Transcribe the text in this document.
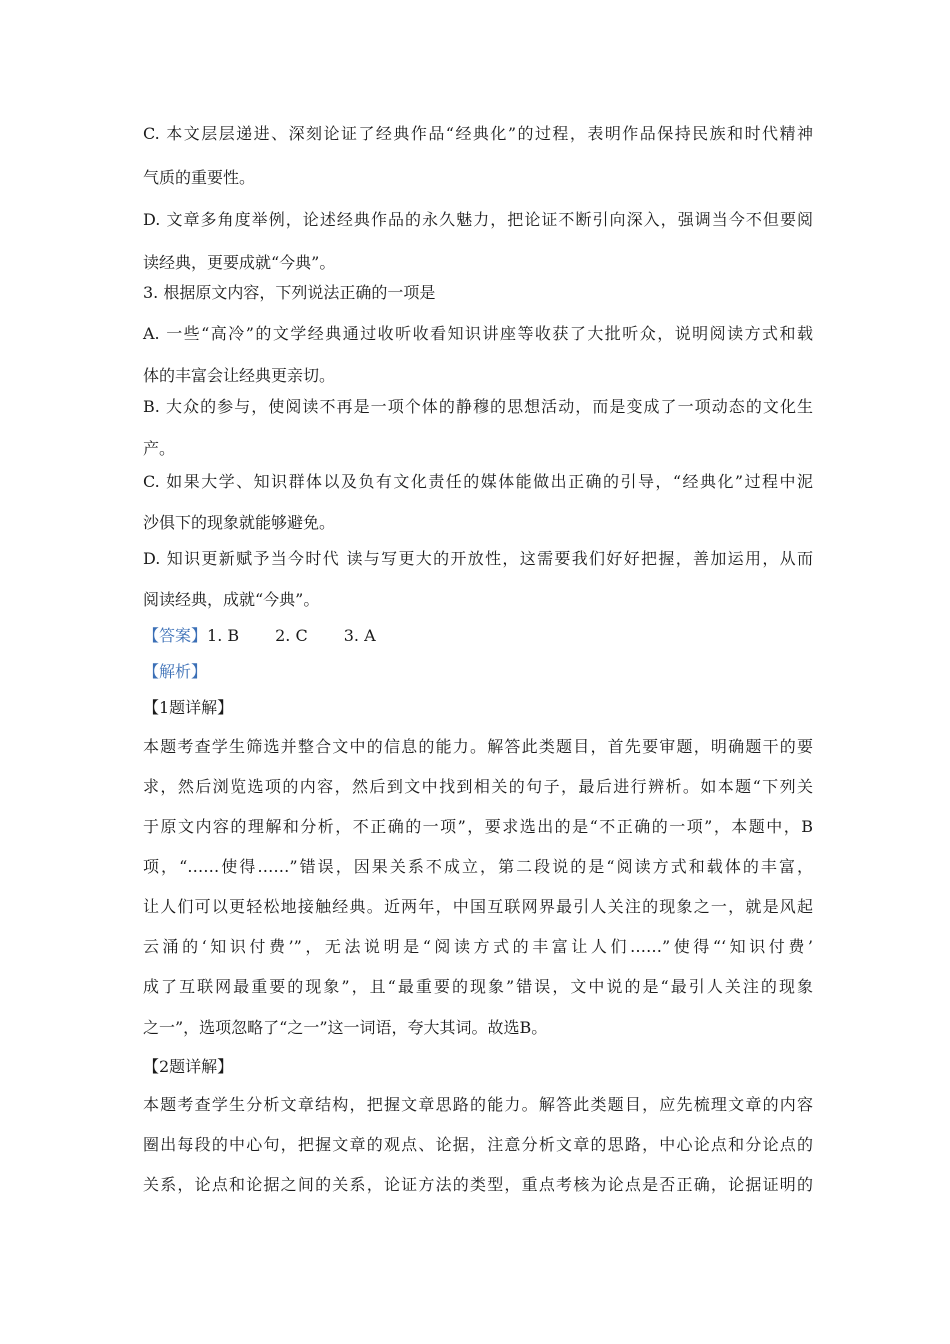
C. 本文层层递进、深刻论证了经典作品“经典化”的过程，表明作品保持民族和时代精神
气质的重要性。
D. 文章多角度举例，论述经典作品的永久魅力，把论证不断引向深入，强调当今不但要阅
读经典，更要成就“今典”。
3. 根据原文内容，下列说法正确的一项是
A. 一些“高冷”的文学经典通过收听收看知识讲座等收获了大批听众，说明阅读方式和载
体的丰富会让经典更亲切。
B. 大众的参与，使阅读不再是一项个体的静穆的思想活动，而是变成了一项动态的文化生
产。
C. 如果大学、知识群体以及负有文化责任的媒体能做出正确的引导，“经典化”过程中泥
沙俱下的现象就能够避免。
D. 知识更新赋予当今时代 读与写更大的开放性，这需要我们好好把握，善加运用，从而
阅读经典，成就“今典”。
【答案】1. B 2. C 3. A
【解析】
【1题详解】
本题考查学生筛选并整合文中的信息的能力。解答此类题目，首先要审题，明确题干的要
求，然后浏览选项的内容，然后到文中找到相关的句子，最后进行辨析。如本题“下列关
于原文内容的理解和分析，不正确的一项”，要求选出的是“不正确的一项”，本题中，B
项，“……使得……”错误，因果关系不成立，第二段说的是“阅读方式和载体的丰富，
让人们可以更轻松地接触经典。近两年，中国互联网界最引人关注的现象之一，就是风起
云涌的‘知识付费’”，无法说明是“阅读方式的丰富让人们……”使得“‘知识付费’
成了互联网最重要的现象”，且“最重要的现象”错误，文中说的是“最引人关注的现象
之一”，选项忽略了“之一”这一词语，夸大其词。故选B。
【2题详解】
本题考查学生分析文章结构，把握文章思路的能力。解答此类题目，应先梳理文章的内容
圈出每段的中心句，把握文章的观点、论据，注意分析文章的思路，中心论点和分论点的
关系，论点和论据之间的关系，论证方法的类型，重点考核为论点是否正确，论据证明的
